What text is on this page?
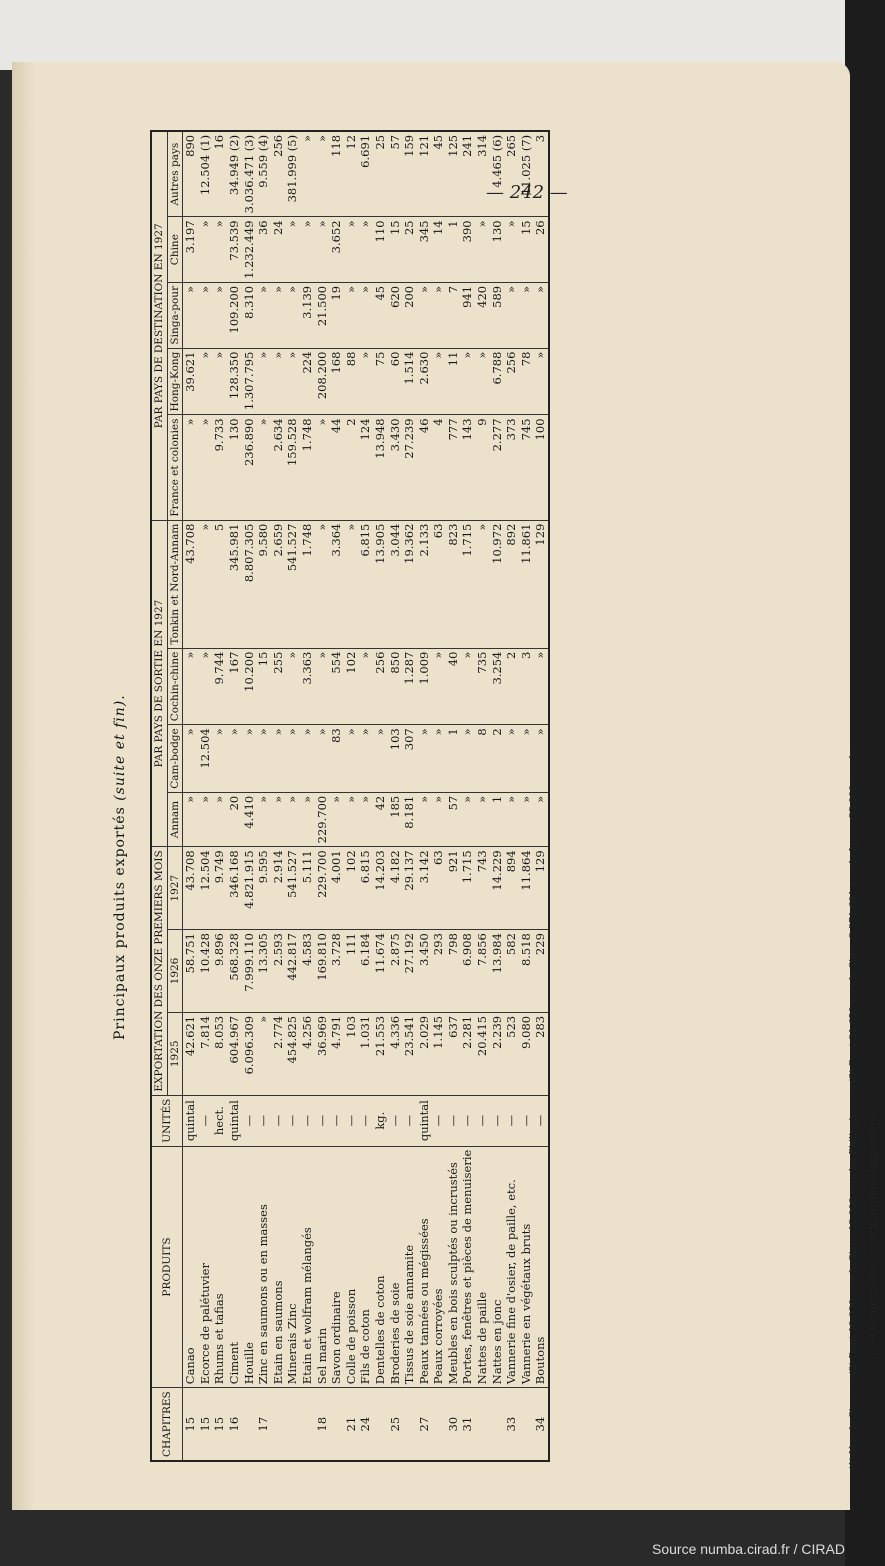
— 242 —
Principaux produits exportés (suite et fin).
CHAPITRES	PRODUITS	UNITÉS	EXPORTATION DES ONZE PREMIERS MOIS			PAR PAYS DE SORTIE EN 1927				PAR PAYS DE DESTINATION EN 1927				
			1925	1926	1927	Annam	Cam-bodge	Cochin-chine	Tonkin et Nord-Annam	France et colonies	Hong-Kong	Singa-pour	Chine	Autres pays
15	Canao	quintal	42.621	58.751	43.708	»	»	»	43.708	»	39.621	»	3.197	890
15	Ecorce de palétuvier	—	7.814	10.428	12.504	»	12.504	»	»	»	»	»	»	12.504 (1)
15	Rhums et tafias	hect.	8.053	9.896	9.749	»	»	9.744	5	9.733	»	»	»	16
16	Ciment	quintal	604.967	568.328	346.168	20	»	167	345.981	130	128.350	109.200	73.539	34.949 (2)
	Houille	—	6.096.309	7.999.110	4.821.915	4.410	»	10.200	8.807.305	236.890	1.307.795	8.310	1.232.449	3.036.471 (3)
17	Zinc en saumons ou en masses	—	»	13.305	9.595	»	»	15	9.580	»	»	»	36	9.559 (4)
	Etain en saumons	—	2.774	2.593	2.914	»	»	255	2.659	2.634	»	»	24	256
	Minerais Zinc	—	454.825	442.817	541.527	»	»	»	541.527	159.528	»	»	»	381.999 (5)
	Etain et wolfram mélangés	—	4.256	4.583	5.111	»	»	3.363	1.748	1.748	224	3.139	»	»
18	Sel marin	—	36.969	169.810	229.700	229.700	»	»	»	»	208.200	21.500	»	»
	Savon ordinaire	—	4.791	3.728	4.001	»	83	554	3.364	44	168	19	3.652	118
21	Colle de poisson	—	103	111	102	»	»	102	»	2	88	»	»	12
24	Fils de coton	—	1.031	6.184	6.815	»	»	»	6.815	124	»	»	»	6.691
	Dentelles de coton	kg.	21.553	11.674	14.203	42	»	256	13.905	13.948	75	45	110	25
25	Broderies de soie	—	4.336	2.875	4.182	185	103	850	3.044	3.430	60	620	15	57
	Tissus de soie annamite	—	23.541	27.192	29.137	8.181	307	1.287	19.362	27.239	1.514	200	25	159
27	Peaux tannées ou mégissées	quintal	2.029	3.450	3.142	»	»	1.009	2.133	46	2.630	»	345	121
	Peaux corroyées	—	1.145	293	63	»	»	»	63	4	»	»	14	45
30	Meubles en bois sculptés ou incrustés	—	637	798	921	57	1	40	823	777	11	7	1	125
31	Portes, fenêtres et pièces de menuiserie	—	2.281	6.908	1.715	»	»	»	1.715	143	»	941	390	241
	Nattes de paille	—	20.415	7.856	743	»	8	735	»	9	»	420	»	314
	Nattes en jonc	—	2.239	13.984	14.229	1	2	3.254	10.972	2.277	6.788	589	130	4.465 (6)
33	Vannerie fine d'osier, de paille, etc.	—	523	582	894	»	»	2	892	373	256	»	»	265
	Vannerie en végétaux bruts	—	9.080	8.518	11.864	»	»	3	11.861	745	78	»	15	11.025 (7)
34	Boutons	—	283	229	129	»	»	»	129	100	»	»	26	3
(1) Vers le Siam. — (2) Dont 10.930 vers le Siam, 13.000 vers les Philippines. — (3) Dont 21.650 vers le Siam, 2.371.691 vers le Japon, 33.000 vers les II — Principales marchandises importées
Source numba.cirad.fr / CIRAD
